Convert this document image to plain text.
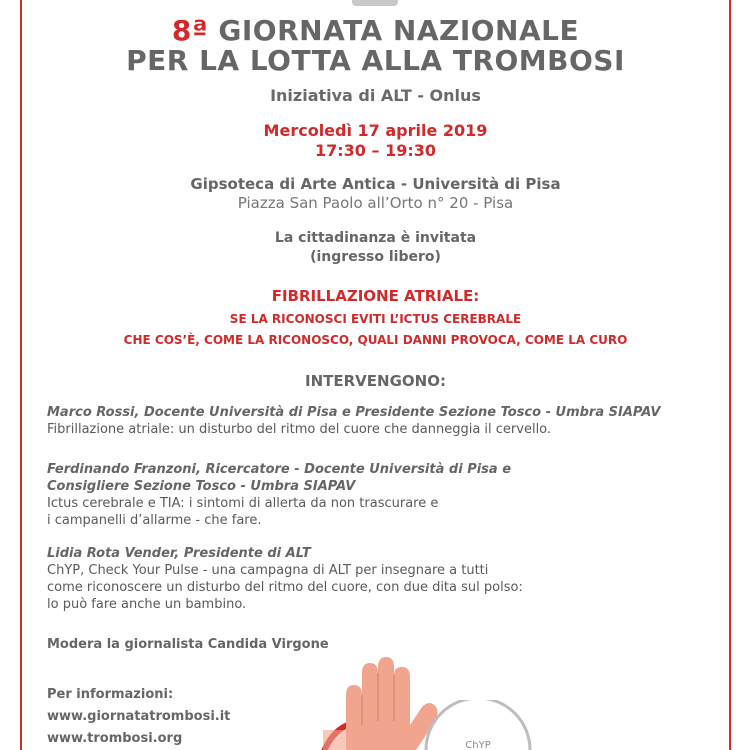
8ª GIORNATA NAZIONALE
PER LA LOTTA ALLA TROMBOSI
Iniziativa di ALT - Onlus
Mercoledì 17 aprile 2019
17:30 – 19:30
Gipsoteca di Arte Antica - Università di Pisa
Piazza San Paolo all’Orto n° 20 - Pisa
La cittadinanza è invitata
(ingresso libero)
FIBRILLAZIONE ATRIALE:
SE LA RICONOSCI EVITI L’ICTUS CEREBRALE
CHE COS’È, COME LA RICONOSCO, QUALI DANNI PROVOCA, COME LA CURO
INTERVENGONO:
Marco Rossi, Docente Università di Pisa e Presidente Sezione Tosco - Umbra SIAPAV
Fibrillazione atriale: un disturbo del ritmo del cuore che danneggia il cervello.
Ferdinando Franzoni, Ricercatore - Docente Università di Pisa e
Consigliere Sezione Tosco - Umbra SIAPAV
Ictus cerebrale e TIA: i sintomi di allerta da non trascurare e
i campanelli d’allarme - che fare.
Lidia Rota Vender, Presidente di ALT
ChYP, Check Your Pulse - una campagna di ALT per insegnare a tutti
come riconoscere un disturbo del ritmo del cuore, con due dita sul polso:
lo può fare anche un bambino.
Modera la giornalista Candida Virgone
Per informazioni:
www.giornatatrombosi.it
www.trombosi.org	ChYP
